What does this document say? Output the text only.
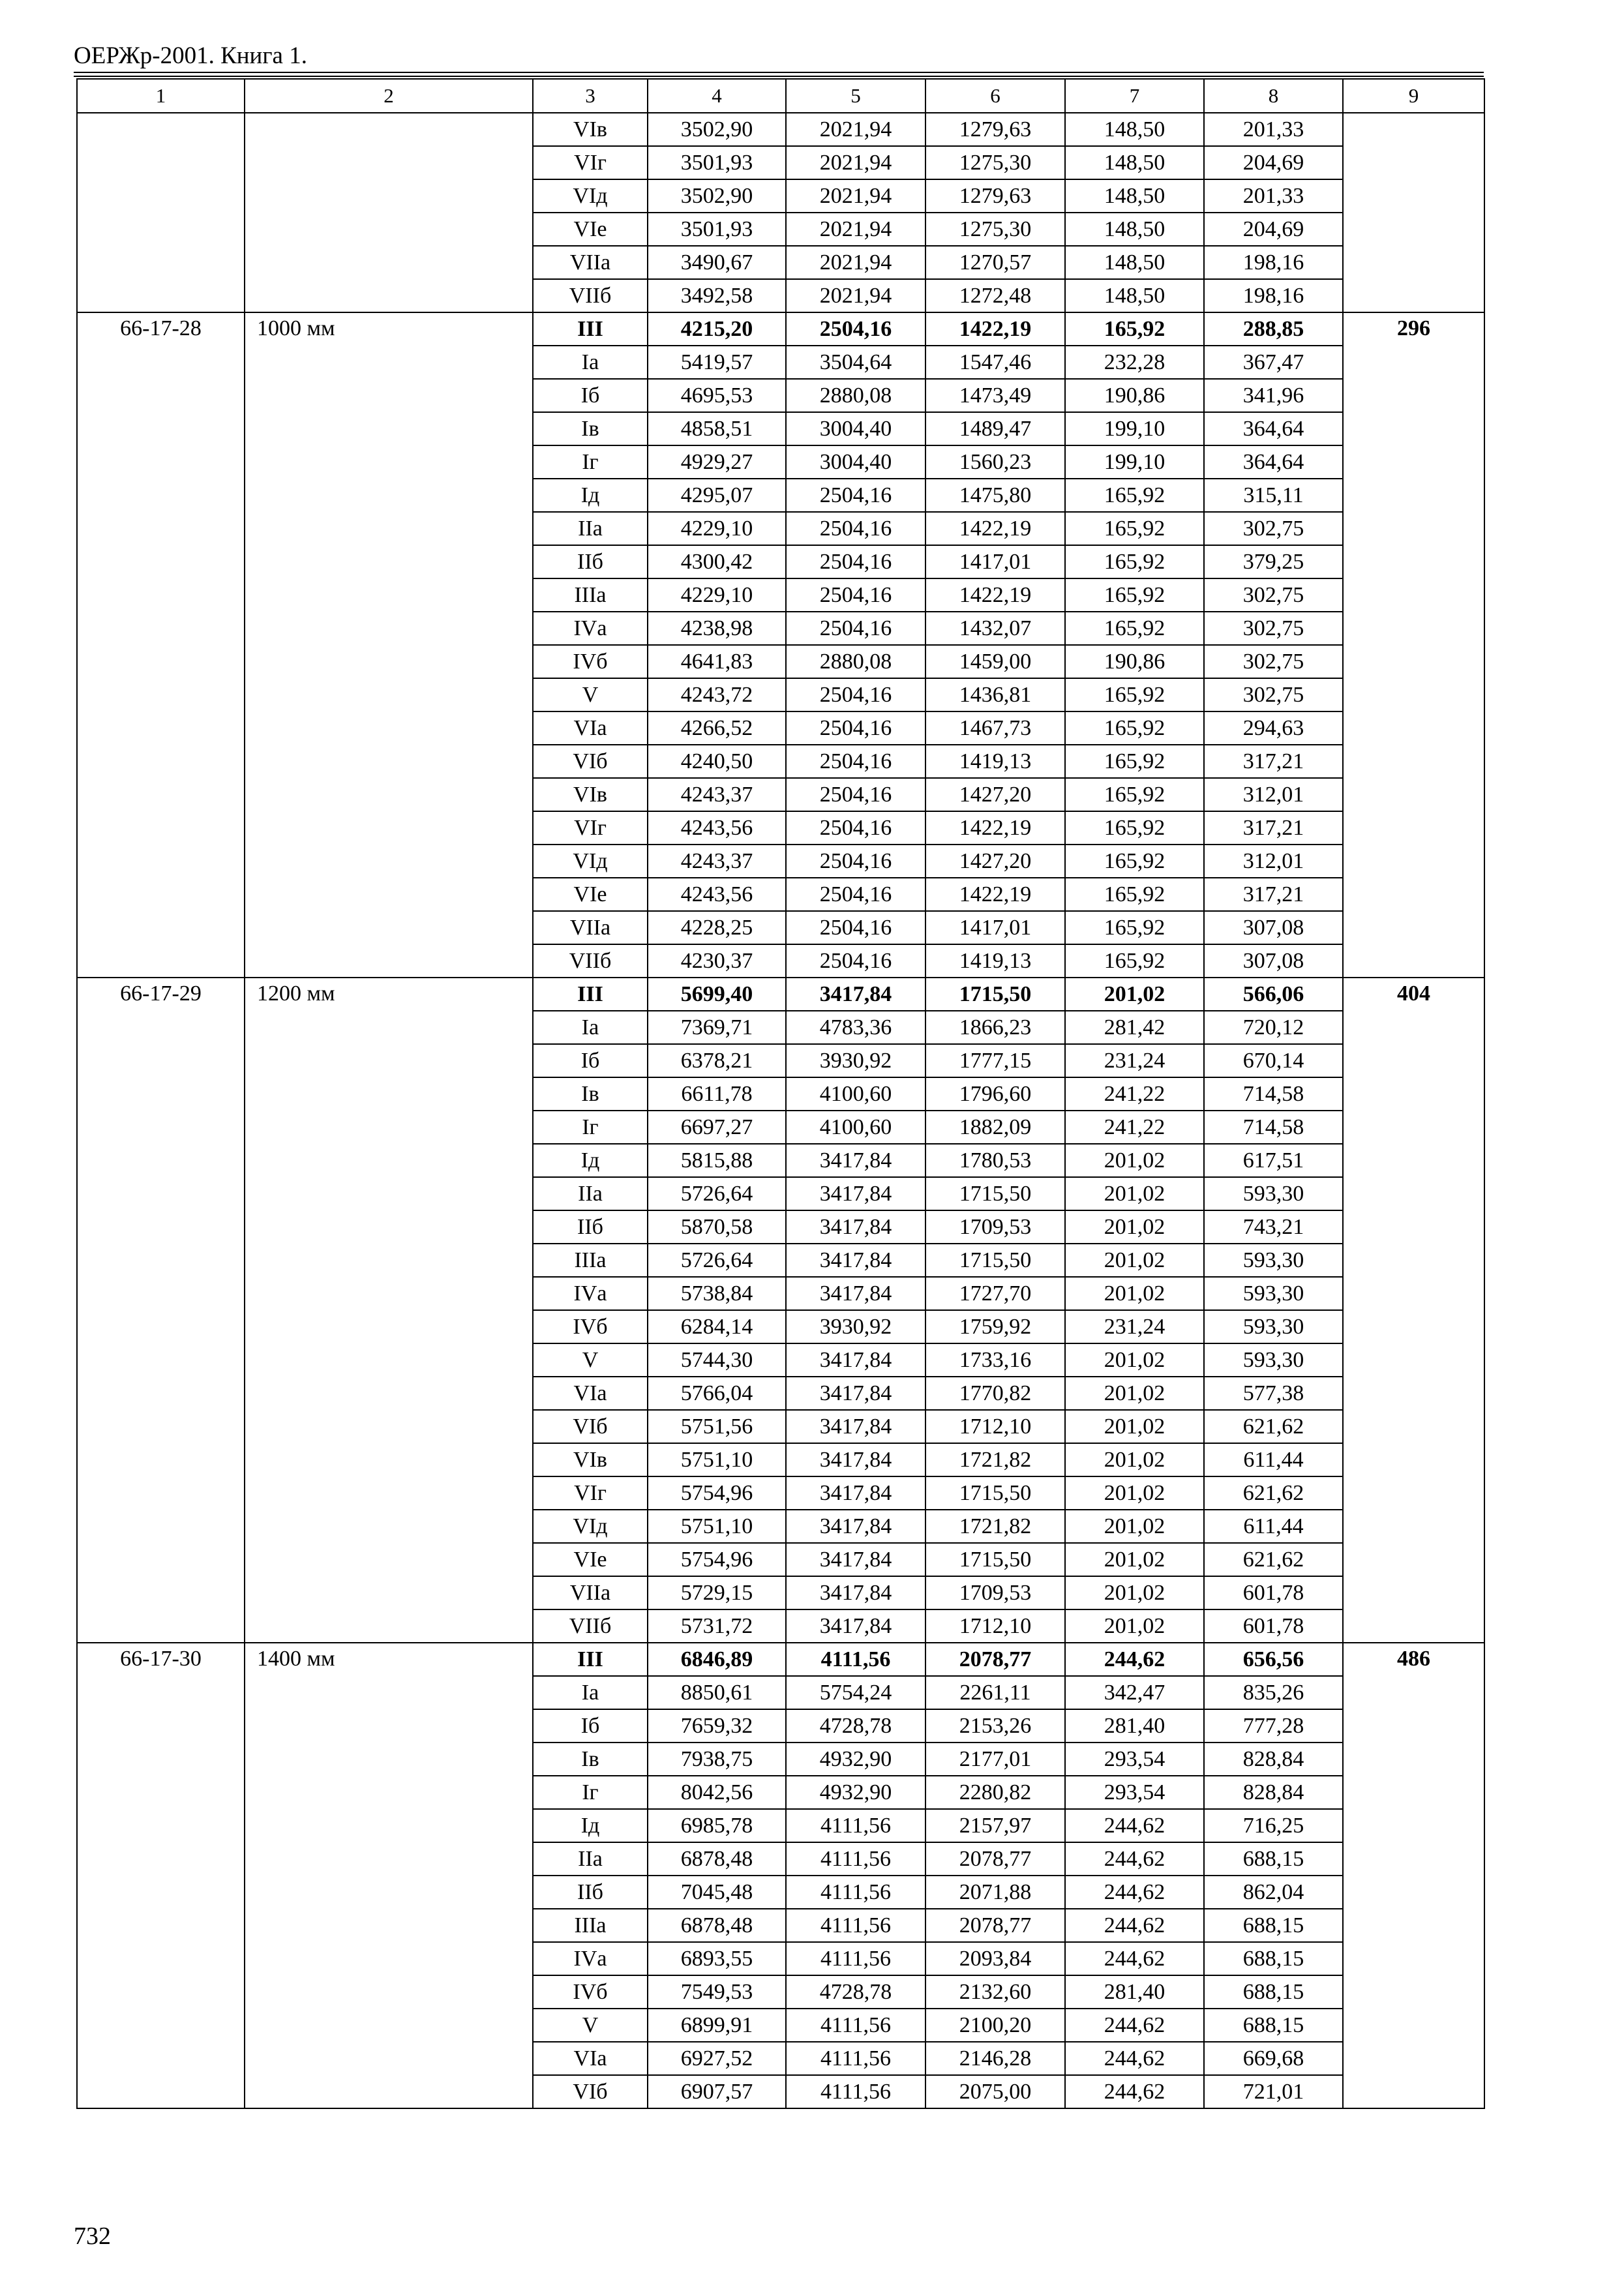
ОЕРЖр-2001. Книга 1.
1	2	3	4	5	6	7	8	9
		VIв	3502,90	2021,94	1279,63	148,50	201,33	
		VIг	3501,93	2021,94	1275,30	148,50	204,69	
		VIд	3502,90	2021,94	1279,63	148,50	201,33	
		VIе	3501,93	2021,94	1275,30	148,50	204,69	
		VIIа	3490,67	2021,94	1270,57	148,50	198,16	
		VIIб	3492,58	2021,94	1272,48	148,50	198,16	
66-17-28	1000 мм	III	4215,20	2504,16	1422,19	165,92	288,85	296
		Iа	5419,57	3504,64	1547,46	232,28	367,47	
		Iб	4695,53	2880,08	1473,49	190,86	341,96	
		Iв	4858,51	3004,40	1489,47	199,10	364,64	
		Iг	4929,27	3004,40	1560,23	199,10	364,64	
		Iд	4295,07	2504,16	1475,80	165,92	315,11	
		IIа	4229,10	2504,16	1422,19	165,92	302,75	
		IIб	4300,42	2504,16	1417,01	165,92	379,25	
		IIIа	4229,10	2504,16	1422,19	165,92	302,75	
		IVа	4238,98	2504,16	1432,07	165,92	302,75	
		IVб	4641,83	2880,08	1459,00	190,86	302,75	
		V	4243,72	2504,16	1436,81	165,92	302,75	
		VIа	4266,52	2504,16	1467,73	165,92	294,63	
		VIб	4240,50	2504,16	1419,13	165,92	317,21	
		VIв	4243,37	2504,16	1427,20	165,92	312,01	
		VIг	4243,56	2504,16	1422,19	165,92	317,21	
		VIд	4243,37	2504,16	1427,20	165,92	312,01	
		VIе	4243,56	2504,16	1422,19	165,92	317,21	
		VIIа	4228,25	2504,16	1417,01	165,92	307,08	
		VIIб	4230,37	2504,16	1419,13	165,92	307,08	
66-17-29	1200 мм	III	5699,40	3417,84	1715,50	201,02	566,06	404
		Iа	7369,71	4783,36	1866,23	281,42	720,12	
		Iб	6378,21	3930,92	1777,15	231,24	670,14	
		Iв	6611,78	4100,60	1796,60	241,22	714,58	
		Iг	6697,27	4100,60	1882,09	241,22	714,58	
		Iд	5815,88	3417,84	1780,53	201,02	617,51	
		IIа	5726,64	3417,84	1715,50	201,02	593,30	
		IIб	5870,58	3417,84	1709,53	201,02	743,21	
		IIIа	5726,64	3417,84	1715,50	201,02	593,30	
		IVа	5738,84	3417,84	1727,70	201,02	593,30	
		IVб	6284,14	3930,92	1759,92	231,24	593,30	
		V	5744,30	3417,84	1733,16	201,02	593,30	
		VIа	5766,04	3417,84	1770,82	201,02	577,38	
		VIб	5751,56	3417,84	1712,10	201,02	621,62	
		VIв	5751,10	3417,84	1721,82	201,02	611,44	
		VIг	5754,96	3417,84	1715,50	201,02	621,62	
		VIд	5751,10	3417,84	1721,82	201,02	611,44	
		VIе	5754,96	3417,84	1715,50	201,02	621,62	
		VIIа	5729,15	3417,84	1709,53	201,02	601,78	
		VIIб	5731,72	3417,84	1712,10	201,02	601,78	
66-17-30	1400 мм	III	6846,89	4111,56	2078,77	244,62	656,56	486
		Iа	8850,61	5754,24	2261,11	342,47	835,26	
		Iб	7659,32	4728,78	2153,26	281,40	777,28	
		Iв	7938,75	4932,90	2177,01	293,54	828,84	
		Iг	8042,56	4932,90	2280,82	293,54	828,84	
		Iд	6985,78	4111,56	2157,97	244,62	716,25	
		IIа	6878,48	4111,56	2078,77	244,62	688,15	
		IIб	7045,48	4111,56	2071,88	244,62	862,04	
		IIIа	6878,48	4111,56	2078,77	244,62	688,15	
		IVа	6893,55	4111,56	2093,84	244,62	688,15	
		IVб	7549,53	4728,78	2132,60	281,40	688,15	
		V	6899,91	4111,56	2100,20	244,62	688,15	
		VIа	6927,52	4111,56	2146,28	244,62	669,68	
		VIб	6907,57	4111,56	2075,00	244,62	721,01	
732
